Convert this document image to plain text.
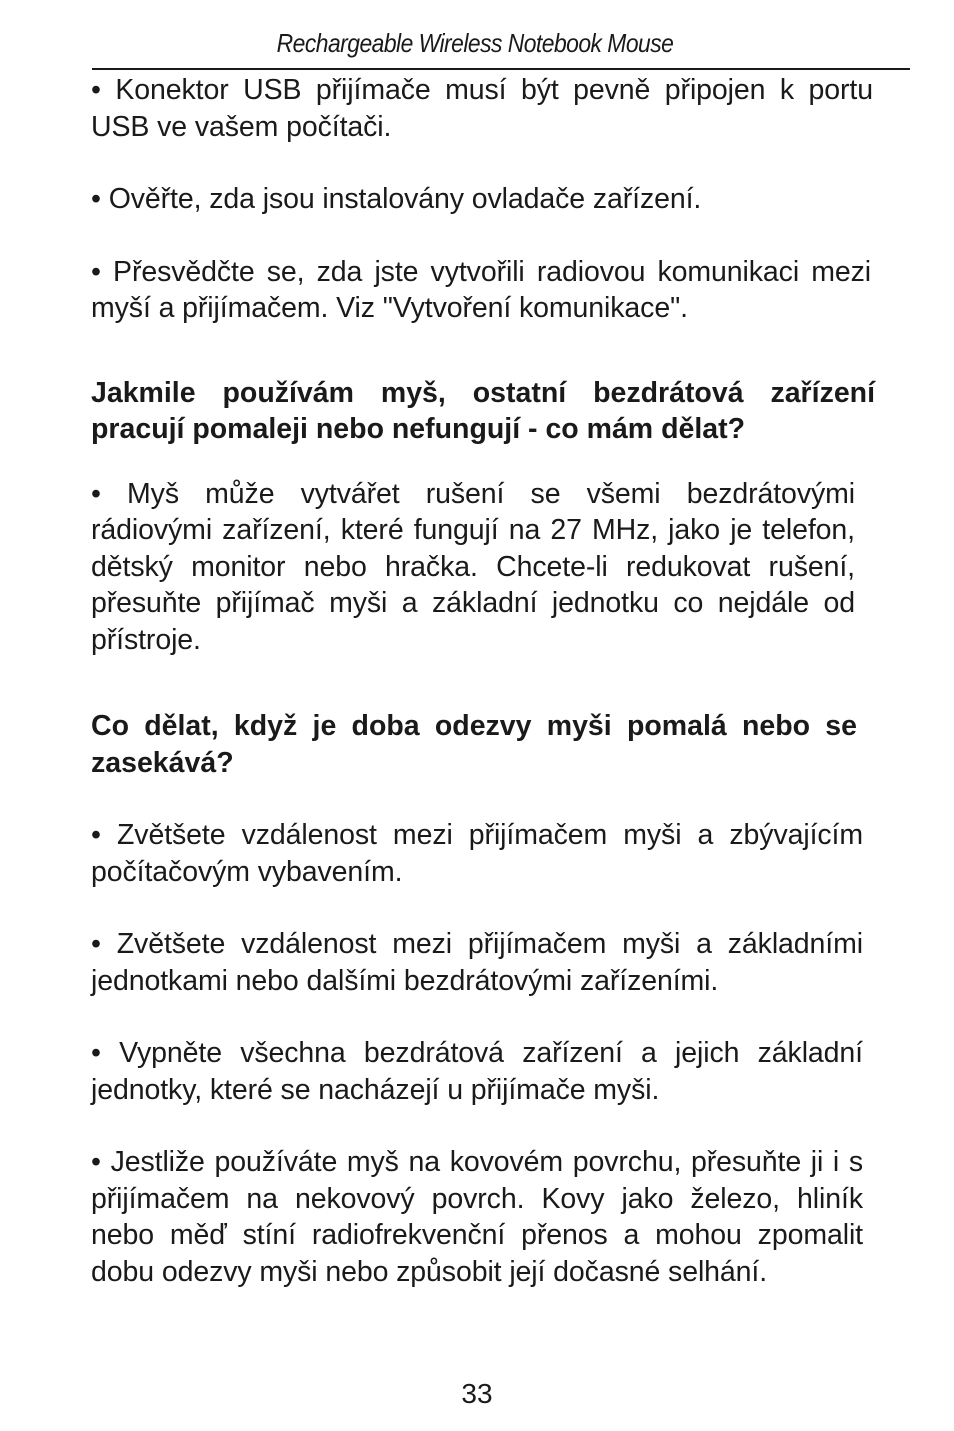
Rechargeable Wireless Notebook Mouse

• Konektor USB přijímače musí být pevně připojen k portu USB ve vašem počítači.

• Ověřte, zda jsou instalovány ovladače zařízení.

• Přesvědčte se, zda jste vytvořili radiovou komunikaci mezi myší a přijímačem. Viz "Vytvoření komunikace".

Jakmile používám myš, ostatní bezdrátová zařízení pracují pomaleji nebo nefungují - co mám dělat?

• Myš může vytvářet rušení se všemi bezdrátovými rádiovými zařízení, které fungují na 27 MHz, jako je telefon, dětský monitor nebo hračka. Chcete-li redukovat rušení, přesuňte přijímač myši a základní jednotku co nejdále od přístroje.

Co dělat, když je doba odezvy myši pomalá nebo se zasekává?

• Zvětšete vzdálenost mezi přijímačem myši a zbývajícím počítačovým vybavením.

• Zvětšete vzdálenost mezi přijímačem myši a základními jednotkami nebo dalšími bezdrátovými zařízeními.

• Vypněte všechna bezdrátová zařízení a jejich základní jednotky, které se nacházejí u přijímače myši.

• Jestliže používáte myš na kovovém povrchu, přesuňte ji i s přijímačem na nekovový povrch. Kovy jako železo, hliník nebo měď stíní radiofrekvenční přenos a mohou zpomalit dobu odezvy myši nebo způsobit její dočasné selhání.

33
